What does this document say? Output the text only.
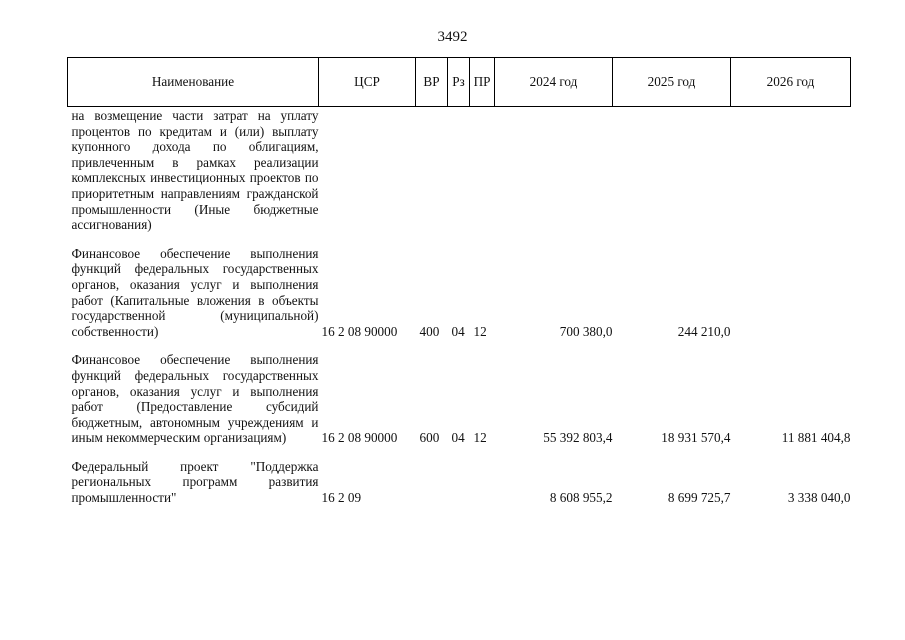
3492
Наименование	ЦСР	ВР	Рз	ПР	2024 год	2025 год	2026 год
на возмещение части затрат на уплату процентов по кредитам и (или) выплату купонного дохода по облигациям, привлеченным в рамках реализации комплексных инвестиционных проектов по приоритетным направлениям гражданской промышленности (Иные бюджетные ассигнования)							

Финансовое обеспечение выполнения функций федеральных государственных органов, оказания услуг и выполнения работ (Капитальные вложения в объекты государственной (муниципальной) собственности)	16 2 08 90000	400	04	12	700 380,0	244 210,0	

Финансовое обеспечение выполнения функций федеральных государственных органов, оказания услуг и выполнения работ (Предоставление субсидий бюджетным, автономным учреждениям и иным некоммерческим организациям)	16 2 08 90000	600	04	12	55 392 803,4	18 931 570,4	11 881 404,8

Федеральный проект "Поддержка региональных программ развития промышленности"	16 2 09				8 608 955,2	8 699 725,7	3 338 040,0
